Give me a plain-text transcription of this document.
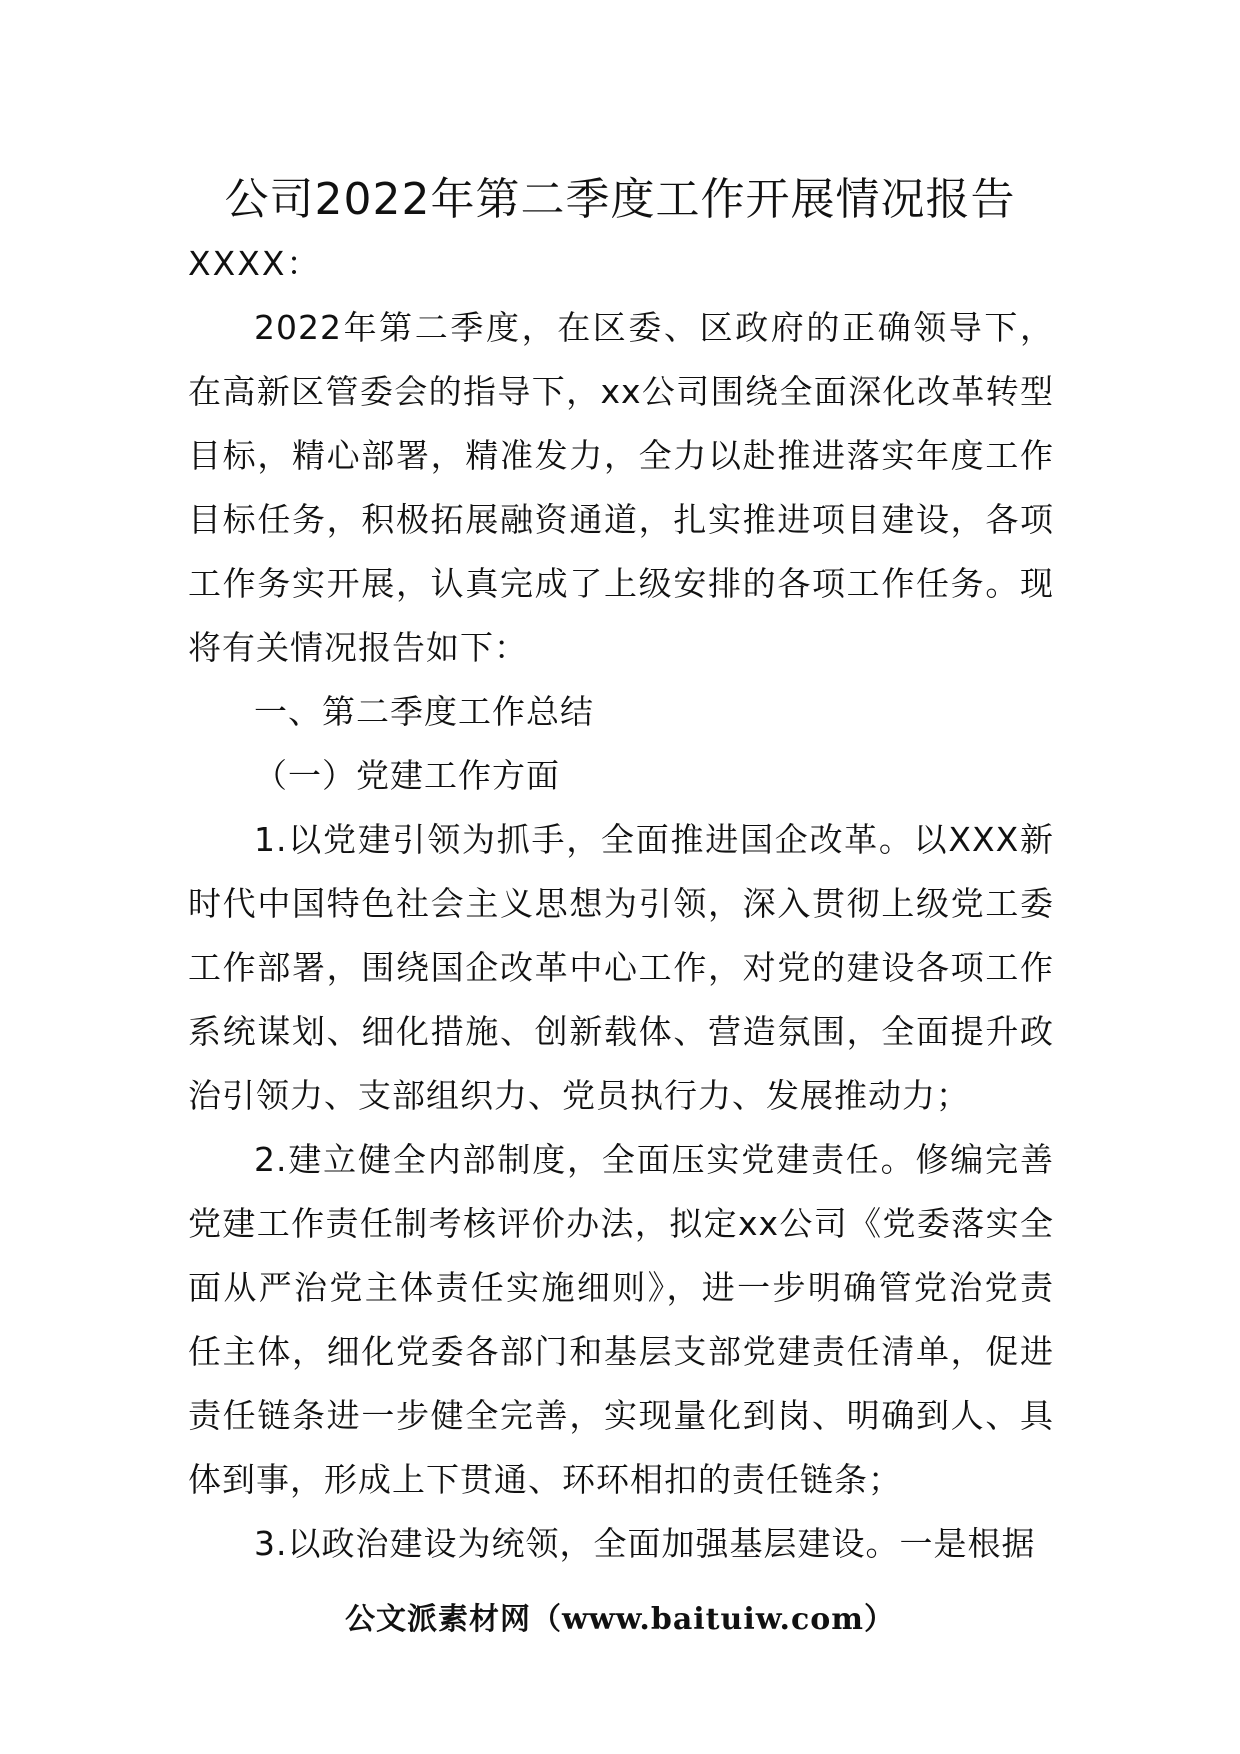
公司2022年第二季度工作开展情况报告

XXXX：

2022年第二季度，在区委、区政府的正确领导下，在高新区管委会的指导下，xx公司围绕全面深化改革转型目标，精心部署，精准发力，全力以赴推进落实年度工作目标任务，积极拓展融资通道，扎实推进项目建设，各项工作务实开展，认真完成了上级安排的各项工作任务。现将有关情况报告如下：

一、第二季度工作总结

（一）党建工作方面

1.以党建引领为抓手，全面推进国企改革。以XXX新时代中国特色社会主义思想为引领，深入贯彻上级党工委工作部署，围绕国企改革中心工作，对党的建设各项工作系统谋划、细化措施、创新载体、营造氛围，全面提升政治引领力、支部组织力、党员执行力、发展推动力；

2.建立健全内部制度，全面压实党建责任。修编完善党建工作责任制考核评价办法，拟定xx公司《党委落实全面从严治党主体责任实施细则》，进一步明确管党治党责任主体，细化党委各部门和基层支部党建责任清单，促进责任链条进一步健全完善，实现量化到岗、明确到人、具体到事，形成上下贯通、环环相扣的责任链条；

3.以政治建设为统领，全面加强基层建设。一是根据

公文派素材网（www.baituiw.com）
